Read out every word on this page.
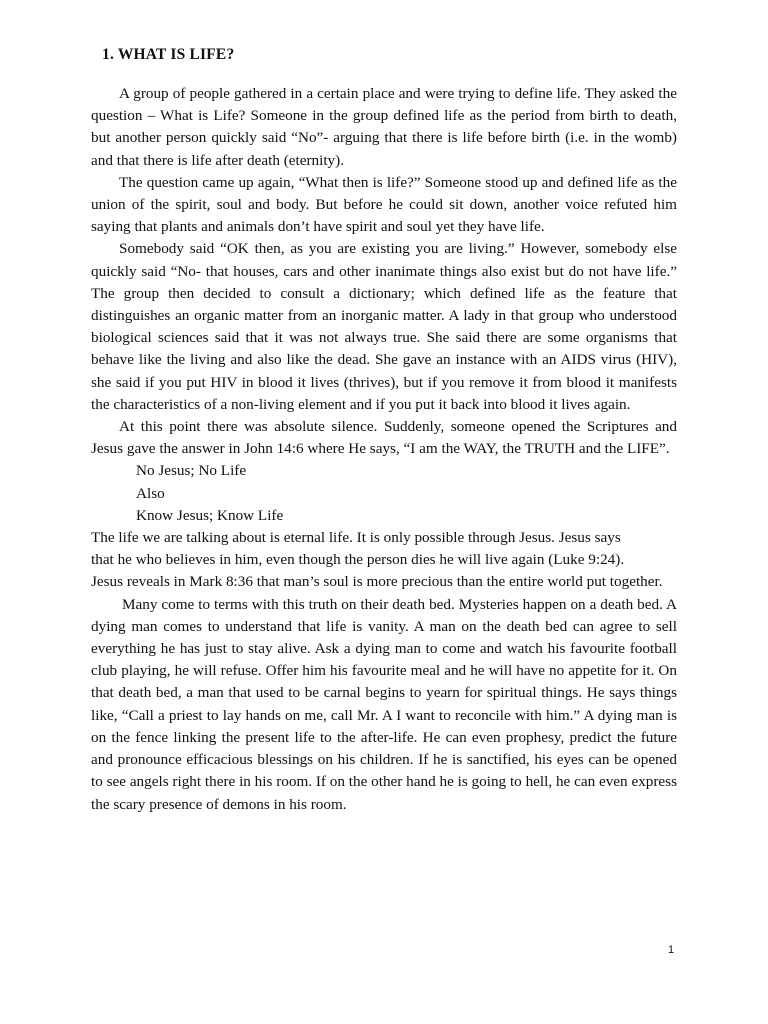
1. WHAT IS LIFE?

A group of people gathered in a certain place and were trying to define life. They asked the question – What is Life? Someone in the group defined life as the period from birth to death, but another person quickly said “No”- arguing that there is life before birth (i.e. in the womb) and that there is life after death (eternity).

The question came up again, “What then is life?” Someone stood up and defined life as the union of the spirit, soul and body. But before he could sit down, another voice refuted him saying that plants and animals don’t have spirit and soul yet they have life.

Somebody said “OK then, as you are existing you are living.” However, somebody else quickly said “No- that houses, cars and other inanimate things also exist but do not have life.” The group then decided to consult a dictionary; which defined life as the feature that distinguishes an organic matter from an inorganic matter. A lady in that group who understood biological sciences said that it was not always true. She said there are some organisms that behave like the living and also like the dead. She gave an instance with an AIDS virus (HIV), she said if you put HIV in blood it lives (thrives), but if you remove it from blood it manifests the characteristics of a non-living element and if you put it back into blood it lives again.

At this point there was absolute silence. Suddenly, someone opened the Scriptures and Jesus gave the answer in John 14:6 where He says, “I am the WAY, the TRUTH and the LIFE”.

No Jesus; No Life
Also
Know Jesus; Know Life
The life we are talking about is eternal life. It is only possible through Jesus. Jesus says
that he who believes in him, even though the person dies he will live again (Luke 9:24).

Jesus reveals in Mark 8:36 that man’s soul is more precious than the entire world put together.

Many come to terms with this truth on their death bed. Mysteries happen on a death bed. A dying man comes to understand that life is vanity. A man on the death bed can agree to sell everything he has just to stay alive. Ask a dying man to come and watch his favourite football club playing, he will refuse. Offer him his favourite meal and he will have no appetite for it. On that death bed, a man that used to be carnal begins to yearn for spiritual things. He says things like, “Call a priest to lay hands on me, call Mr. A I want to reconcile with him.” A dying man is on the fence linking the present life to the after-life. He can even prophesy, predict the future and pronounce efficacious blessings on his children. If he is sanctified, his eyes can be opened to see angels right there in his room. If on the other hand he is going to hell, he can even express the scary presence of demons in his room.

1
